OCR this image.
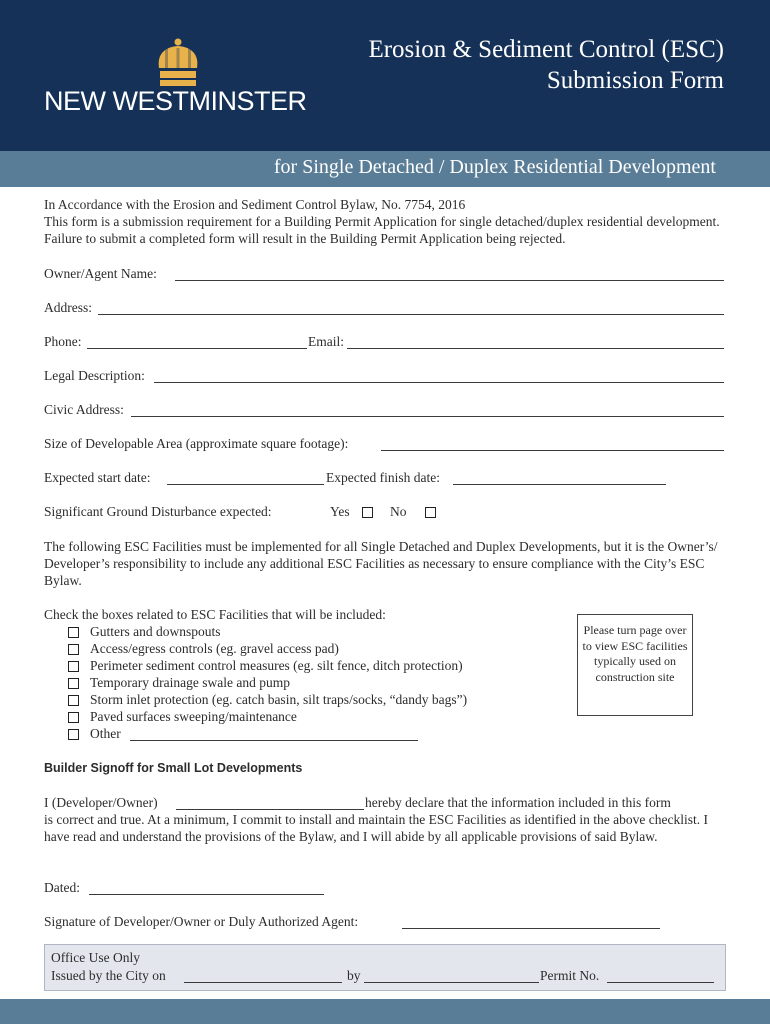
NEW WESTMINSTER
Erosion & Sediment Control (ESC)
Submission Form
for Single Detached / Duplex Residential Development
In Accordance with the Erosion and Sediment Control Bylaw, No. 7754, 2016
This form is a submission requirement for a Building Permit Application for single detached/duplex residential development. Failure to submit a completed form will result in the Building Permit Application being rejected.
Owner/Agent Name:
Address:
Phone:	Email:
Legal Description:
Civic Address:
Size of Developable Area (approximate square footage):
Expected start date:	Expected finish date:
Significant Ground Disturbance expected:	Yes	No
The following ESC Facilities must be implemented for all Single Detached and Duplex Developments, but it is the Owner’s/ Developer’s responsibility to include any additional ESC Facilities as necessary to ensure compliance with the City’s ESC Bylaw.
Check the boxes related to ESC Facilities that will be included:
Gutters and downspouts
Access/egress controls (eg. gravel access pad)
Perimeter sediment control measures (eg. silt fence, ditch protection)
Temporary drainage swale and pump
Storm inlet protection (eg. catch basin, silt traps/socks, “dandy bags”)
Paved surfaces sweeping/maintenance
Other
Please turn page over to view ESC facilities typically used on construction site
Builder Signoff for Small Lot Developments
I (Developer/Owner)	hereby declare that the information included in this form
is correct and true. At a minimum, I commit to install and maintain the ESC Facilities as identified in the above checklist. I have read and understand the provisions of the Bylaw, and I will abide by all applicable provisions of said Bylaw.
Dated:
Signature of Developer/Owner or Duly Authorized Agent:
Office Use Only
Issued by the City on	by	Permit No.
